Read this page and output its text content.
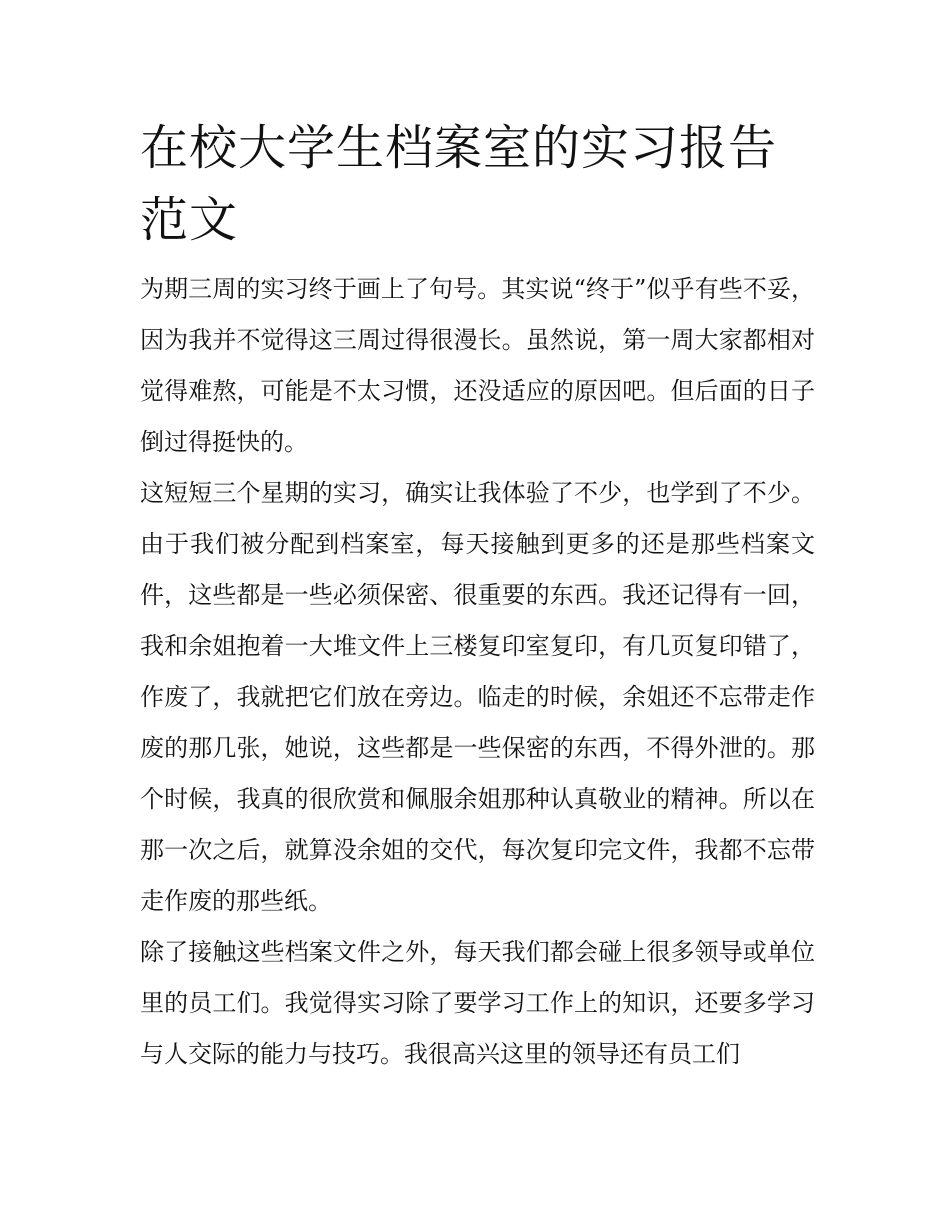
在校大学生档案室的实习报告范文

为期三周的实习终于画上了句号。其实说“终于”似乎有些不妥，因为我并不觉得这三周过得很漫长。虽然说，第一周大家都相对觉得难熬，可能是不太习惯，还没适应的原因吧。但后面的日子倒过得挺快的。

这短短三个星期的实习，确实让我体验了不少，也学到了不少。由于我们被分配到档案室，每天接触到更多的还是那些档案文件，这些都是一些必须保密、很重要的东西。我还记得有一回，我和余姐抱着一大堆文件上三楼复印室复印，有几页复印错了，作废了，我就把它们放在旁边。临走的时候，余姐还不忘带走作废的那几张，她说，这些都是一些保密的东西，不得外泄的。那个时候，我真的很欣赏和佩服余姐那种认真敬业的精神。所以在那一次之后，就算没余姐的交代，每次复印完文件，我都不忘带走作废的那些纸。

除了接触这些档案文件之外，每天我们都会碰上很多领导或单位里的员工们。我觉得实习除了要学习工作上的知识，还要多学习与人交际的能力与技巧。我很高兴这里的领导还有员工们
